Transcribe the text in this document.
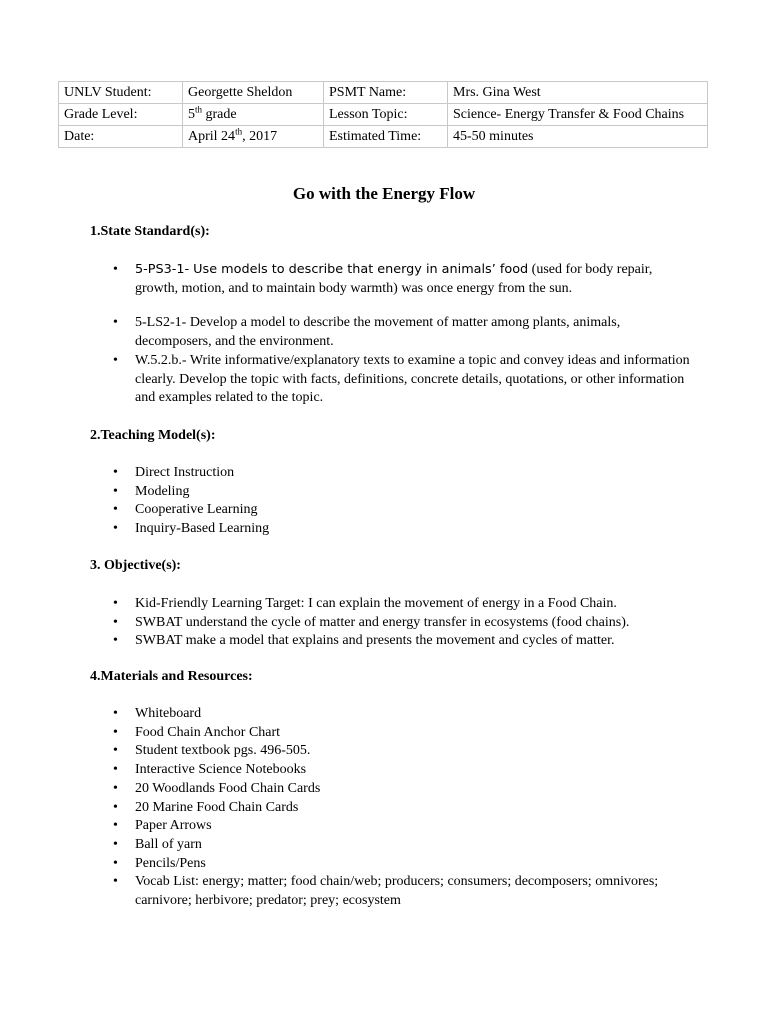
UNLV Student:	Georgette Sheldon	PSMT Name:	Mrs. Gina West
Grade Level:	5th grade	Lesson Topic:	Science- Energy Transfer & Food Chains
Date:	April 24th, 2017	Estimated Time:	45-50 minutes
Go with the Energy Flow
1.State Standard(s):
• 5-PS3-1- Use models to describe that energy in animals’ food (used for body repair, growth, motion, and to maintain body warmth) was once energy from the sun.
• 5-LS2-1- Develop a model to describe the movement of matter among plants, animals, decomposers, and the environment.
• W.5.2.b.- Write informative/explanatory texts to examine a topic and convey ideas and information clearly. Develop the topic with facts, definitions, concrete details, quotations, or other information and examples related to the topic.
2.Teaching Model(s):
• Direct Instruction
• Modeling
• Cooperative Learning
• Inquiry-Based Learning
3. Objective(s):
• Kid-Friendly Learning Target: I can explain the movement of energy in a Food Chain.
• SWBAT understand the cycle of matter and energy transfer in ecosystems (food chains).
• SWBAT make a model that explains and presents the movement and cycles of matter.
4.Materials and Resources:
• Whiteboard
• Food Chain Anchor Chart
• Student textbook pgs. 496-505.
• Interactive Science Notebooks
• 20 Woodlands Food Chain Cards
• 20 Marine Food Chain Cards
• Paper Arrows
• Ball of yarn
• Pencils/Pens
• Vocab List: energy; matter; food chain/web; producers; consumers; decomposers; omnivores; carnivore; herbivore; predator; prey; ecosystem
